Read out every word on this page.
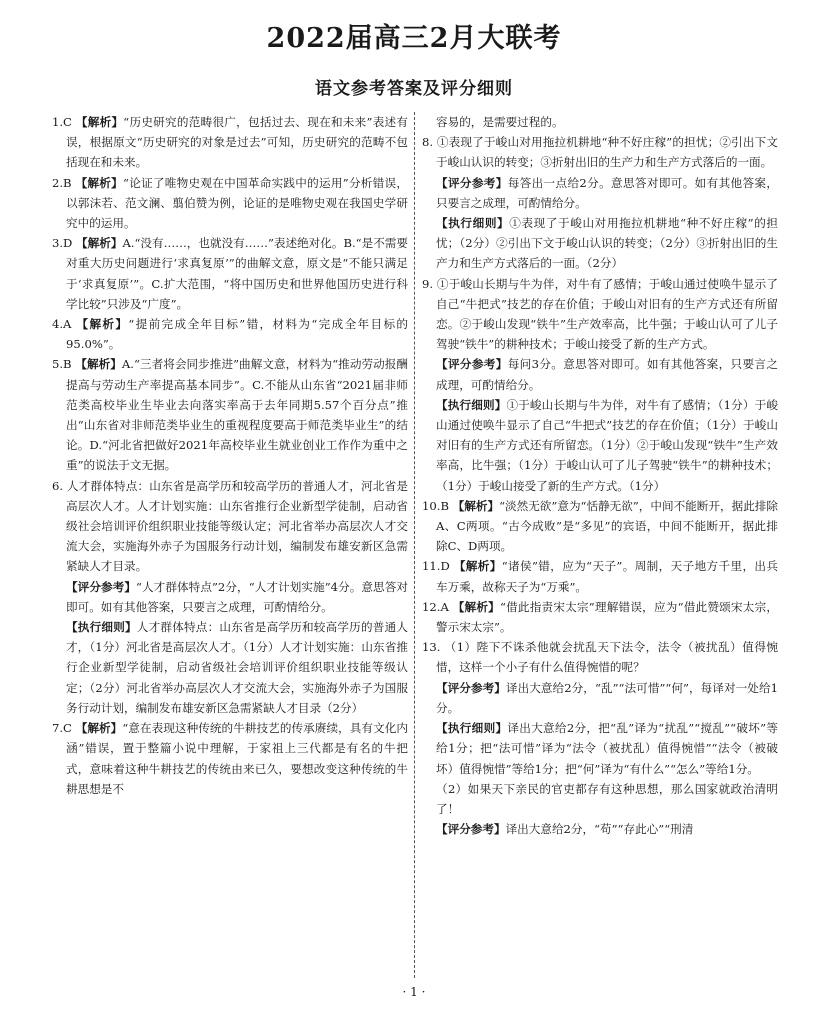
2022届高三2月大联考
语文参考答案及评分细则

1.C 【解析】“历史研究的范畴很广，包括过去、现在和未来”表述有误，根据原文“历史研究的对象是过去”可知，历史研究的范畴不包括现在和未来。

2.B 【解析】“论证了唯物史观在中国革命实践中的运用”分析错误，以郭沫若、范文澜、翦伯赞为例，论证的是唯物史观在我国史学研究中的运用。

3.D 【解析】A.“没有……，也就没有……”表述绝对化。B.“是不需要对重大历史问题进行‘求真复原’”的曲解文意，原文是“不能只满足于‘求真复原’”。C.扩大范围，“将中国历史和世界他国历史进行科学比较”只涉及“广度”。

4.A 【解析】“提前完成全年目标”错，材料为“完成全年目标的95.0%”。

5.B 【解析】A.“三者将会同步推进”曲解文意，材料为“推动劳动报酬提高与劳动生产率提高基本同步”。C.不能从山东省“2021届非师范类高校毕业生毕业去向落实率高于去年同期5.57个百分点”推出“山东省对非师范类毕业生的重视程度要高于师范类毕业生”的结论。D.“河北省把做好2021年高校毕业生就业创业工作作为重中之重”的说法于文无据。

6. 人才群体特点：山东省是高学历和较高学历的普通人才，河北省是高层次人才。人才计划实施：山东省推行企业新型学徒制，启动省级社会培训评价组织职业技能等级认定；河北省举办高层次人才交流大会，实施海外赤子为国服务行动计划，编制发布雄安新区急需紧缺人才目录。

【评分参考】“人才群体特点”2分，“人才计划实施”4分。意思答对即可。如有其他答案，只要言之成理，可酌情给分。

【执行细则】人才群体特点：山东省是高学历和较高学历的普通人才，（1分）河北省是高层次人才。（1分）人才计划实施：山东省推行企业新型学徒制，启动省级社会培训评价组织职业技能等级认定；（2分）河北省举办高层次人才交流大会，实施海外赤子为国服务行动计划，编制发布雄安新区急需紧缺人才目录（2分）

7.C 【解析】“意在表现这种传统的牛耕技艺的传承赓续，具有文化内涵”错误，置于整篇小说中理解，于家祖上三代都是有名的牛把式，意味着这种牛耕技艺的传统由来已久，要想改变这种传统的牛耕思想是不

容易的，是需要过程的。

8. ①表现了于峻山对用拖拉机耕地“种不好庄稼”的担忧；②引出下文于峻山认识的转变；③折射出旧的生产力和生产方式落后的一面。

【评分参考】每答出一点给2分。意思答对即可。如有其他答案，只要言之成理，可酌情给分。

【执行细则】①表现了于峻山对用拖拉机耕地“种不好庄稼”的担忧；（2分）②引出下文于峻山认识的转变；（2分）③折射出旧的生产力和生产方式落后的一面。（2分）

9. ①于峻山长期与牛为伴，对牛有了感情；于峻山通过使唤牛显示了自己“牛把式”技艺的存在价值；于峻山对旧有的生产方式还有所留恋。②于峻山发现“铁牛”生产效率高，比牛强；于峻山认可了儿子驾驶“铁牛”的耕种技术；于峻山接受了新的生产方式。

【评分参考】每问3分。意思答对即可。如有其他答案，只要言之成理，可酌情给分。

【执行细则】①于峻山长期与牛为伴，对牛有了感情；（1分）于峻山通过使唤牛显示了自己“牛把式”技艺的存在价值；（1分）于峻山对旧有的生产方式还有所留恋。（1分）②于峻山发现“铁牛”生产效率高，比牛强；（1分）于峻山认可了儿子驾驶“铁牛”的耕种技术；（1分）于峻山接受了新的生产方式。（1分）

10.B 【解析】“淡然无欲”意为“恬静无欲”，中间不能断开，据此排除A、C两项。“古今成败”是“多见”的宾语，中间不能断开，据此排除C、D两项。

11.D 【解析】“诸侯”错，应为“天子”。周制，天子地方千里，出兵车万乘，故称天子为“万乘”。

12.A 【解析】“借此指责宋太宗”理解错误，应为“借此赞颂宋太宗，警示宋太宗”。

13. （1）陛下不诛杀他就会扰乱天下法令，法令（被扰乱）值得惋惜，这样一个小子有什么值得惋惜的呢？

【评分参考】译出大意给2分，“乱”“法可惜”“何”，每译对一处给1分。

【执行细则】译出大意给2分，把“乱”译为“扰乱”“搅乱”“破坏”等给1分；把“法可惜”译为“法令（被扰乱）值得惋惜”“法令（被破坏）值得惋惜”等给1分；把“何”译为“有什么”“怎么”等给1分。

（2）如果天下亲民的官吏都存有这种思想，那么国家就政治清明了！

【评分参考】译出大意给2分，“苟”“存此心”“刑清

· 1 ·
